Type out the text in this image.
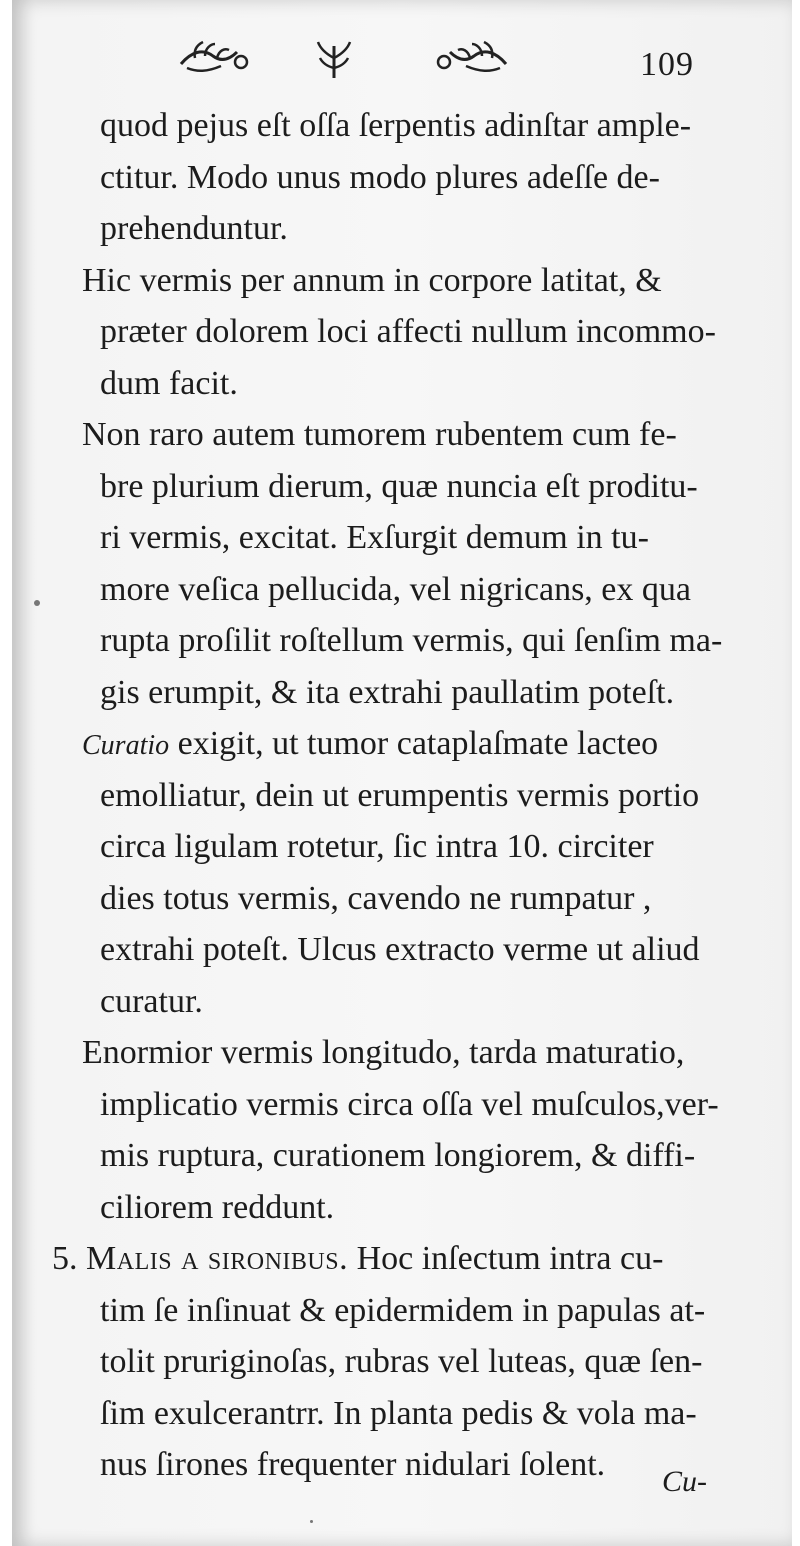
109
quod pejus eſt oſſa ſerpentis adinſtar ample-
ctitur. Modo unus modo plures adeſſe de-
prehenduntur.
Hic vermis per annum in corpore latitat, &
præter dolorem loci affecti nullum incommo-
dum facit.
Non raro autem tumorem rubentem cum fe-
bre plurium dierum, quæ nuncia eſt proditu-
ri vermis, excitat. Exſurgit demum in tu-
more veſica pellucida, vel nigricans, ex qua
rupta proſilit roſtellum vermis, qui ſenſim ma-
gis erumpit, & ita extrahi paullatim poteſt.
Curatio exigit, ut tumor cataplaſmate lacteo
emolliatur, dein ut erumpentis vermis portio
circa ligulam rotetur, ſic intra 10. circiter
dies totus vermis, cavendo ne rumpatur ,
extrahi poteſt. Ulcus extracto verme ut aliud
curatur.
Enormior vermis longitudo, tarda maturatio,
implicatio vermis circa oſſa vel muſculos,ver-
mis ruptura, curationem longiorem, & diffi-
ciliorem reddunt.
5. Malis a sironibus. Hoc inſectum intra cu-
tim ſe inſinuat & epidermidem in papulas at-
tolit pruriginoſas, rubras vel luteas, quæ ſen-
ſim exulcerantrr. In planta pedis & vola ma-
nus ſirones frequenter nidulari ſolent. Cu-
